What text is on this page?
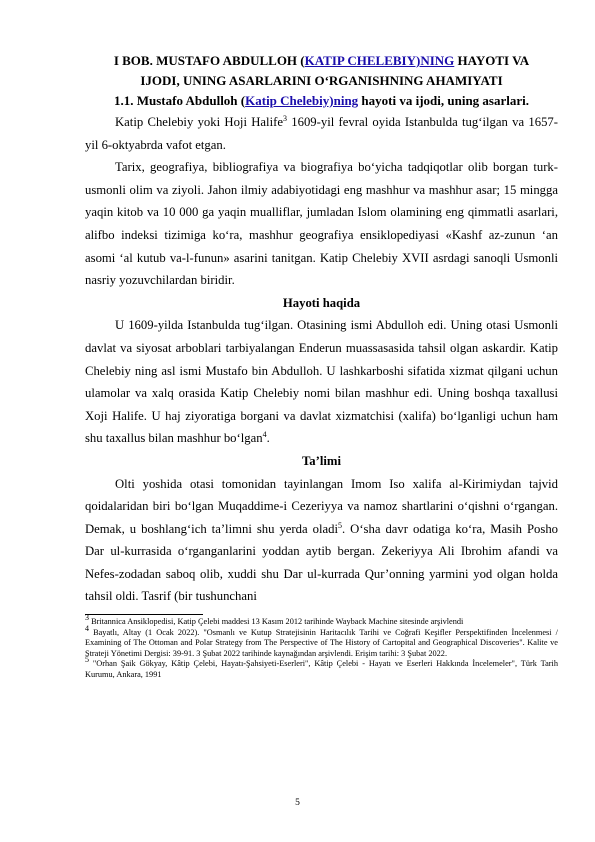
I BOB. MUSTAFO ABDULLOH (KATIP CHELEBIY)NING HAYOTI VA

IJODI, UNING ASARLARINI O‘RGANISHNING AHAMIYATI

1.1. Mustafo Abdulloh (Katip Chelebiy)ning hayoti va ijodi, uning asarlari.

Katip Chelebiy yoki Hoji Halife$^3$ 1609-yil fevral oyida Istanbulda tug‘ilgan va 1657-yil 6-oktyabrda vafot etgan.

Tarix, geografiya, bibliografiya va biografiya bo‘yicha tadqiqotlar olib borgan turk-usmonli olim va ziyoli. Jahon ilmiy adabiyotidagi eng mashhur va mashhur asar; 15 mingga yaqin kitob va 10 000 ga yaqin mualliflar, jumladan Islom olamining eng qimmatli asarlari, alifbo indeksi tizimiga ko‘ra, mashhur geografiya ensiklopediyasi «Kashf az-zunun ‘an asomi ‘al kutub va-l-funun» asarini tanitgan. Katip Chelebiy XVII asrdagi sanoqli Usmonli nasriy yozuvchilardan biridir.

Hayoti haqida

U 1609-yilda Istanbulda tug‘ilgan. Otasining ismi Abdulloh edi. Uning otasi Usmonli davlat va siyosat arboblari tarbiyalangan Enderun muassasasida tahsil olgan askardir. Katip Chelebiy ning asl ismi Mustafo bin Abdulloh. U lashkarboshi sifatida xizmat qilgani uchun ulamolar va xalq orasida Katip Chelebiy nomi bilan mashhur edi. Uning boshqa taxallusi Xoji Halife. U haj ziyoratiga borgani va davlat xizmatchisi (xalifa) bo‘lganligi uchun ham shu taxallus bilan mashhur bo‘lgan$^4$.

Ta’limi

Olti yoshida otasi tomonidan tayinlangan Imom Iso xalifa al-Kirimiydan tajvid qoidalaridan biri bo‘lgan Muqaddime-i Cezeriyya va namoz shartlarini o‘qishni o‘rgangan. Demak, u boshlang‘ich ta’limni shu yerda oladi$^5$. O‘sha davr odatiga ko‘ra, Masih Posho Dar ul-kurrasida o‘rganganlarini yoddan aytib bergan. Zekeriyya Ali Ibrohim afandi va Nefes-zodadan saboq olib, xuddi shu Dar ul-kurrada Qur’onning yarmini yod olgan holda tahsil oldi. Tasrif (bir tushunchani

$^3$ Britannica Ansiklopedisi, Katip Çelebi maddesi 13 Kasım 2012 tarihinde Wayback Machine sitesinde arşivlendi

$^4$ Bayatlı, Altay (1 Ocak 2022). "Osmanlı ve Kutup Stratejisinin Haritacılık Tarihi ve Coğrafi Keşifler Perspektifinden İncelenmesi / Examining of The Ottoman and Polar Strategy from The Perspective of The History of Cartopital and Geographical Discoveries". Kalite ve Strateji Yönetimi Dergisi: 39-91. 3 Şubat 2022 tarihinde kaynağından arşivlendi. Erişim tarihi: 3 Şubat 2022.

$^5$ "Orhan Şaik Gökyay, Kâtip Çelebi, Hayatı-Şahsiyeti-Eserleri", Kâtip Çelebi - Hayatı ve Eserleri Hakkında İncelemeler", Türk Tarih Kurumu, Ankara, 1991

5
